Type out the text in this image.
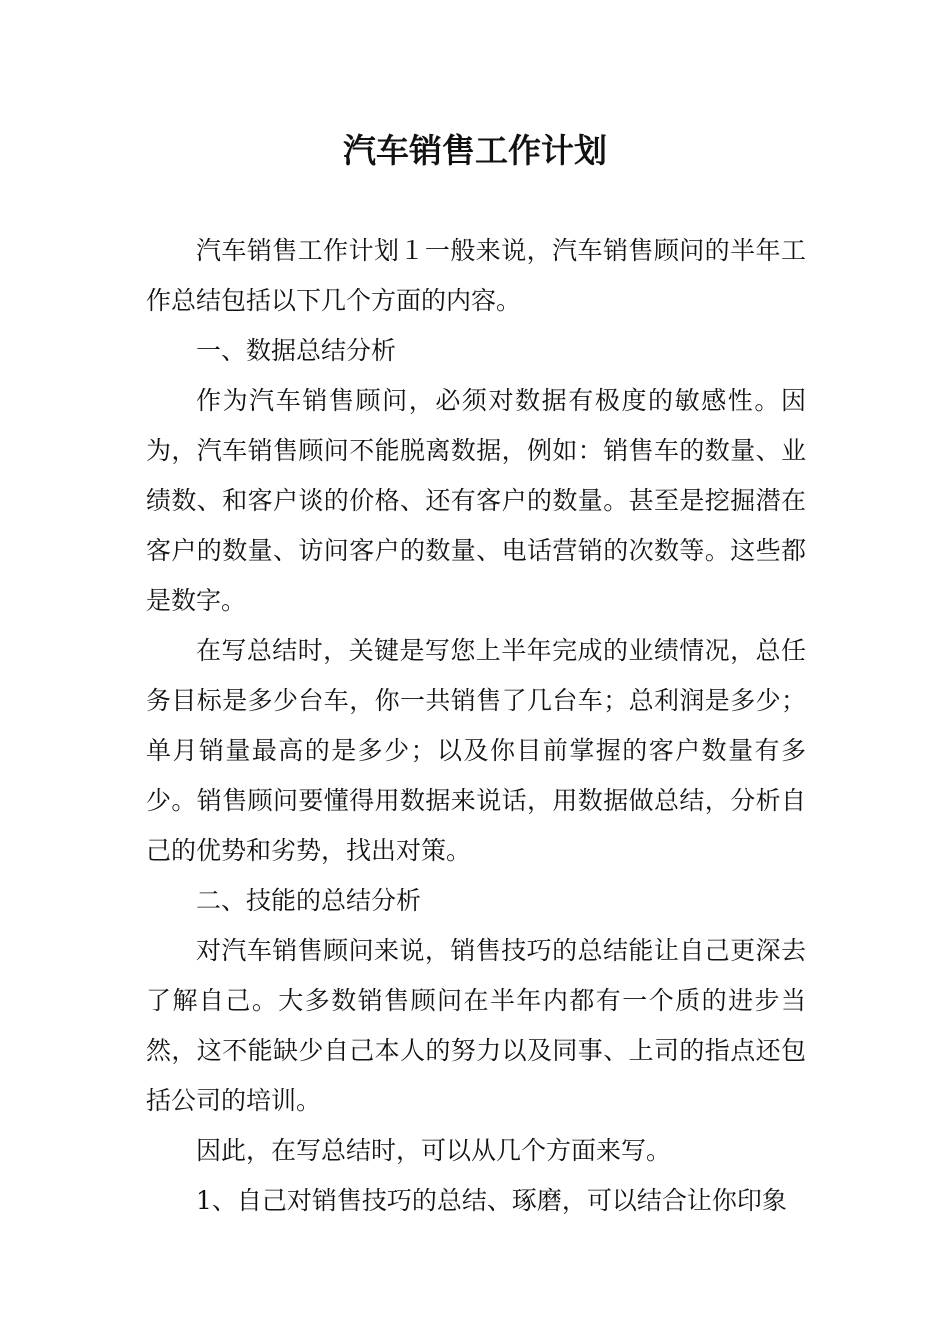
汽车销售工作计划

汽车销售工作计划１一般来说，汽车销售顾问的半年工作总结包括以下几个方面的内容。

一、数据总结分析

作为汽车销售顾问，必须对数据有极度的敏感性。因为，汽车销售顾问不能脱离数据，例如：销售车的数量、业绩数、和客户谈的价格、还有客户的数量。甚至是挖掘潜在客户的数量、访问客户的数量、电话营销的次数等。这些都是数字。

在写总结时，关键是写您上半年完成的业绩情况，总任务目标是多少台车，你一共销售了几台车；总利润是多少；单月销量最高的是多少；以及你目前掌握的客户数量有多少。销售顾问要懂得用数据来说话，用数据做总结，分析自己的优势和劣势，找出对策。

二、技能的总结分析

对汽车销售顾问来说，销售技巧的总结能让自己更深去了解自己。大多数销售顾问在半年内都有一个质的进步当然，这不能缺少自己本人的努力以及同事、上司的指点还包括公司的培训。

因此，在写总结时，可以从几个方面来写。

1、自己对销售技巧的总结、琢磨，可以结合让你印象
